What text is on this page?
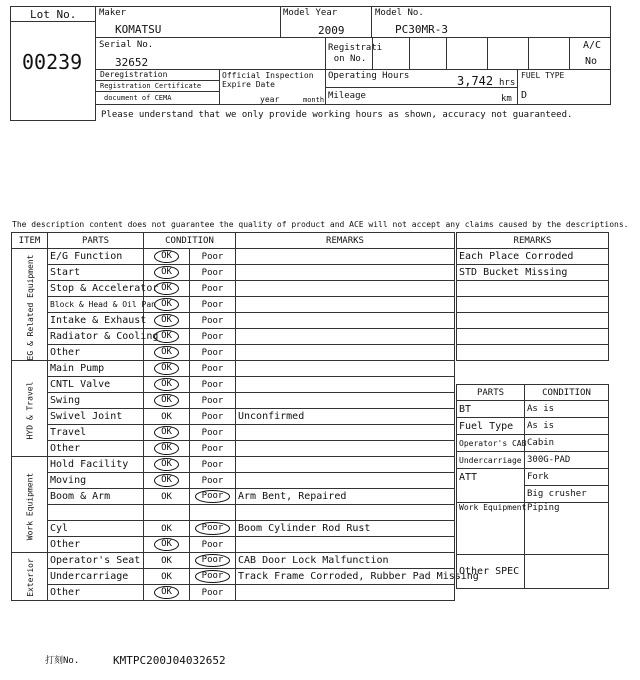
Lot No.
00239
Maker
KOMATSU
Model Year
2009
Model No.
PC30MR-3
Serial No.
32652
Registrati on No.
A/C
No
Deregistration
Registration Certificate
document of CEMA
Official Inspection
Expire Date
year	month
Operating Hours	3,742 hrs
Mileage	km
FUEL TYPE
D
Please understand that we only provide working hours as shown, accuracy not guaranteed.
The description content does not guarantee the quality of product and ACE will not accept any claims caused by the descriptions.
ITEM	PARTS	CONDITION		REMARKS

EG & Related Equipment	E/G Function	OK	Poor	
	Start	OK	Poor	
	Stop & Accelerator	OK	Poor	
	Block & Head & Oil Pan	OK	Poor	
	Intake & Exhaust	OK	Poor	
	Radiator & Cooling	OK	Poor	
	Other	OK	Poor	

HYD & Travel	Main Pump	OK	Poor	
	CNTL Valve	OK	Poor	
	Swing	OK	Poor	
	Swivel Joint	OK	Poor	Unconfirmed
	Travel	OK	Poor	
	Other	OK	Poor	

Work Equipment	Hold Facility	OK	Poor	
	Moving	OK	Poor	
	Boom & Arm	OK	Poor	Arm Bent, Repaired

	Cyl	OK	Poor	Boom Cylinder Rod Rust
	Other	OK	Poor	

Exterior	Operator's Seat	OK	Poor	CAB Door Lock Malfunction
	Undercarriage	OK	Poor	Track Frame Corroded, Rubber Pad Missing
	Other	OK	Poor	
REMARKS
Each Place Corroded
STD Bucket Missing

PARTS	CONDITION
BT	As is
Fuel Type	As is
Operator's CAB	Cabin
Undercarriage	300G-PAD
ATT	Fork
	Big crusher
Work Equipment	Piping
Other SPEC	
打刻No.	KMTPC200J04032652
